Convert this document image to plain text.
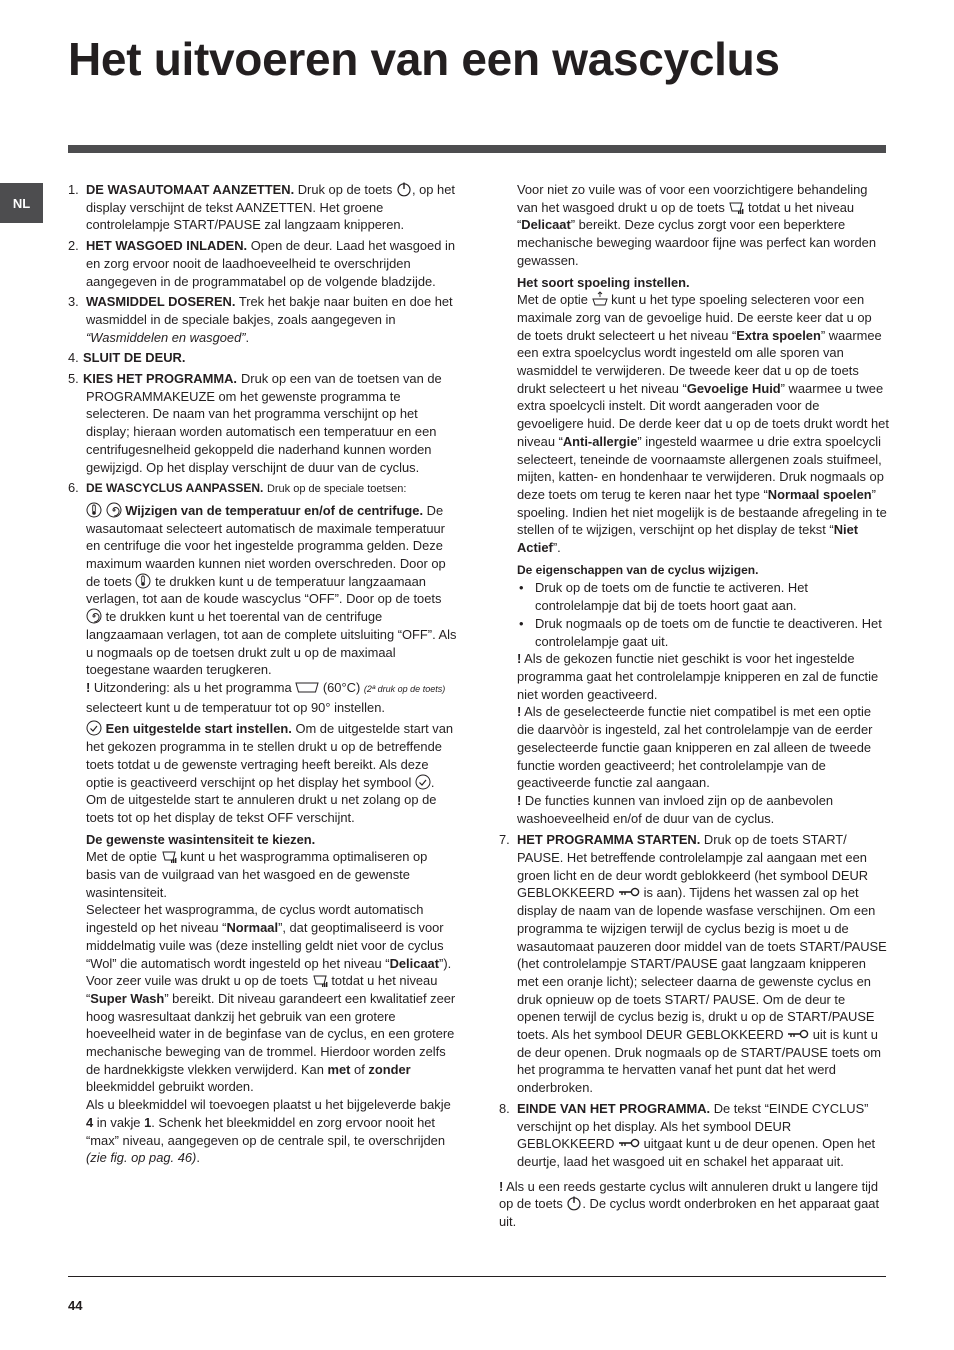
Het uitvoeren van een wascyclus
NL
1. DE WASAUTOMAAT AANZETTEN. Druk op de toets , op het display verschijnt de tekst AANZETTEN. Het groene controlelampje START/PAUSE zal langzaam knipperen.
2. HET WASGOED INLADEN. Open de deur. Laad het wasgoed in en zorg ervoor nooit de laadhoeveelheid te overschrijden aangegeven in de programmatabel op de volgende bladzijde.
3. WASMIDDEL DOSEREN. Trek het bakje naar buiten en doe het wasmiddel in de speciale bakjes, zoals aangegeven in “Wasmiddelen en wasgoed”.
4. SLUIT DE DEUR.
5. KIES HET PROGRAMMA. Druk op een van de toetsen van de PROGRAMMAKEUZE om het gewenste programma te selecteren. De naam van het programma verschijnt op het display; hieraan worden automatisch een temperatuur en een centrifugesnelheid gekoppeld die naderhand kunnen worden gewijzigd. Op het display verschijnt de duur van de cyclus.
6. DE WASCYCLUS AANPASSEN. Druk op de speciale toetsen:

Wijzigen van de temperatuur en/of de centrifuge. De wasautomaat selecteert automatisch de maximale temperatuur en centrifuge die voor het ingestelde programma gelden. Deze maximum waarden kunnen niet worden overschreden. Door op de toets te drukken kunt u de temperatuur langzaamaan verlagen, tot aan de koude wascyclus “OFF”. Door op de toets
te drukken kunt u het toerental van de centrifuge langzaamaan verlagen, tot aan de complete uitsluiting “OFF”. Als u nogmaals op de toetsen drukt zult u op de maximaal toegestane waarden terugkeren.
! Uitzondering: als u het programma (60°C) (2ª druk op de toets) selecteert kunt u de temperatuur tot op 90° instellen.
Een uitgestelde start instellen. Om de uitgestelde start van het gekozen programma in te stellen drukt u op de betreffende toets totdat u de gewenste vertraging heeft bereikt. Als deze optie is geactiveerd verschijnt op het display het symbool . Om de uitgestelde start te annuleren drukt u net zolang op de toets tot op het display de tekst OFF verschijnt.
De gewenste wasintensiteit te kiezen.
Met de optie kunt u het wasprogramma optimaliseren op basis van de vuilgraad van het wasgoed en de gewenste wasintensiteit.
Selecteer het wasprogramma, de cyclus wordt automatisch ingesteld op het niveau “Normaal”, dat geoptimaliseerd is voor middelmatig vuile was (deze instelling geldt niet voor de cyclus “Wol” die automatisch wordt ingesteld op het niveau “Delicaat”).
Voor zeer vuile was drukt u op de toets totdat u het niveau “Super Wash” bereikt. Dit niveau garandeert een kwalitatief zeer hoog wasresultaat dankzij het gebruik van een grotere hoeveelheid water in de beginfase van de cyclus, en een grotere mechanische beweging van de trommel. Hierdoor worden zelfs de hardnekkigste vlekken verwijderd. Kan met of zonder bleekmiddel gebruikt worden.
Als u bleekmiddel wil toevoegen plaatst u het bijgeleverde bakje 4 in vakje 1. Schenk het bleekmiddel en zorg ervoor nooit het “max” niveau, aangegeven op de centrale spil, te overschrijden (zie fig. op pag. 46).
Voor niet zo vuile was of voor een voorzichtigere behandeling van het wasgoed drukt u op de toets totdat u het niveau “Delicaat” bereikt. Deze cyclus zorgt voor een beperktere mechanische beweging waardoor fijne was perfect kan worden gewassen.
Het soort spoeling instellen.
Met de optie kunt u het type spoeling selecteren voor een maximale zorg van de gevoelige huid. De eerste keer dat u op de toets drukt selecteert u het niveau “Extra spoelen” waarmee een extra spoelcyclus wordt ingesteld om alle sporen van wasmiddel te verwijderen. De tweede keer dat u op de toets drukt selecteert u het niveau “Gevoelige Huid” waarmee u twee extra spoelcycli instelt. Dit wordt aangeraden voor de gevoeligere huid. De derde keer dat u op de toets drukt wordt het niveau “Anti-allergie” ingesteld waarmee u drie extra spoelcycli selecteert, teneinde de voornaamste allergenen zoals stuifmeel, mijten, katten- en hondenhaar te verwijderen. Druk nogmaals op deze toets om terug te keren naar het type “Normaal spoelen” spoeling. Indien het niet mogelijk is de bestaande afregeling in te stellen of te wijzigen, verschijnt op het display de tekst “Niet Actief”.
De eigenschappen van de cyclus wijzigen.
• Druk op de toets om de functie te activeren. Het controlelampje dat bij de toets hoort gaat aan.
• Druk nogmaals op de toets om de functie te deactiveren. Het controlelampje gaat uit.
! Als de gekozen functie niet geschikt is voor het ingestelde programma gaat het controlelampje knipperen en zal de functie niet worden geactiveerd.
! Als de geselecteerde functie niet compatibel is met een optie die daarvòòr is ingesteld, zal het controlelampje van de eerder geselecteerde functie gaan knipperen en zal alleen de tweede functie worden geactiveerd; het controlelampje van de geactiveerde functie zal aangaan.
! De functies kunnen van invloed zijn op de aanbevolen washoeveelheid en/of de duur van de cyclus.
7. HET PROGRAMMA STARTEN. Druk op de toets START/ PAUSE. Het betreffende controlelampje zal aangaan met een groen licht en de deur wordt geblokkeerd (het symbool DEUR GEBLOKKEERD is aan). Tijdens het wassen zal op het display de naam van de lopende wasfase verschijnen. Om een programma te wijzigen terwijl de cyclus bezig is moet u de wasautomaat pauzeren door middel van de toets START/PAUSE (het controlelampje START/PAUSE gaat langzaam knipperen met een oranje licht); selecteer daarna de gewenste cyclus en druk opnieuw op de toets START/ PAUSE. Om de deur te openen terwijl de cyclus bezig is, drukt u op de START/PAUSE toets. Als het symbool DEUR GEBLOKKEERD uit is kunt u de deur openen. Druk nogmaals op de START/PAUSE toets om het programma te hervatten vanaf het punt dat het werd onderbroken.
8. EINDE VAN HET PROGRAMMA. De tekst “EINDE CYCLUS” verschijnt op het display. Als het symbool DEUR GEBLOKKEERD uitgaat kunt u de deur openen. Open het deurtje, laad het wasgoed uit en schakel het apparaat uit.
! Als u een reeds gestarte cyclus wilt annuleren drukt u langere tijd op de toets . De cyclus wordt onderbroken en het apparaat gaat uit.
44
